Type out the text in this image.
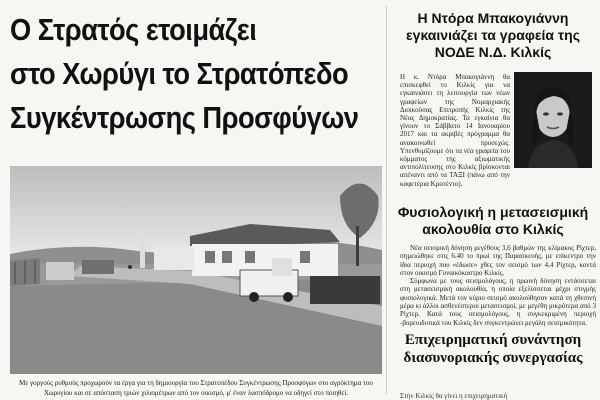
Ο Στρατός ετοιμάζει
στο Χωρύγι το Στρατόπεδο
Συγκέντρωσης Προσφύγων
Με γοργούς ρυθμούς προχωρούν τα έργα για τη δημιουργία του Στρατοπέδου Συγκέντρωσης Προσφύγων στο αγρόκτημα του Χωρυγίου και σε απόσταση τριών χιλιομέτρων από τον οικισμό, μ' έναν λασπόδρομο να οδηγεί στο ποιηθεί.
Η Ντόρα Μπακογιάννη εγκαινιάζει τα γραφεία της ΝΟΔΕ Ν.Δ. Κιλκίς
Η κ. Ντόρα Μπακογιάννη θα επισκεφθεί το Κιλκίς για να εγκαινιάσει τη λειτουργία των νέων γραφείων της Νομαρχιακής Διοικούσας Επιτροπής Κιλκίς της Νέας Δημοκρατίας. Τα εγκαίνια θα γίνουν το Σάββατο 14 Ιανουαρίου 2017 και τα ακριβές πρόγραμμα θα ανακοινωθεί προσεχώς. Υπενθυμίζουμε ότι τα νέα γραφεία του κόμματος της αξιωματικής αντιπολίτευσης στο Κιλκίς βρίσκονται απέναντι από τα ΤΑΞΙ (πάνω από την καφετέρια Κρεσέντο).
Φυσιολογική η μετασεισμική ακολουθία στο Κιλκίς

Νέα σεισμική δόνηση μεγέθους 3,6 βαθμών της κλίμακος Ρίχτερ, σημειώθηκε στις 6.40 το πρωί της Παρασκευής, με επίκεντρο την ίδια περιοχή που «έδωσε» χθες τον σεισμό των 4,4 Ρίχτερ, κοντά στον οικισμό Γυναικόκαστρο Κιλκίς.

Σύμφωνα με τους σεισμολόγους, η πρωινή δόνηση εντάσσεται στη μετασεισμική ακολουθία, η οποία εξελίσσεται μέχρι στιγμής φυσιολογικά. Μετά τον κύριο σεισμό ακολούθησαν κατά τη χθεσινή μέρα κι άλλοι ασθενέστεροι μετασεισμοί, με μεγέθη μικρότερα από 3 Ρίχτερ. Κατά τους σεισμολόγους, η συγκεκριμένη περιοχή -βορειοδυτικά του Κιλκίς δεν συγκεντρώνει μεγάλη σεισμικότητα.

Επιχειρηματική συνάντηση διασυνοριακής συνεργασίας
Στην Κιλκίς θα γίνει η επιχειρηματική
